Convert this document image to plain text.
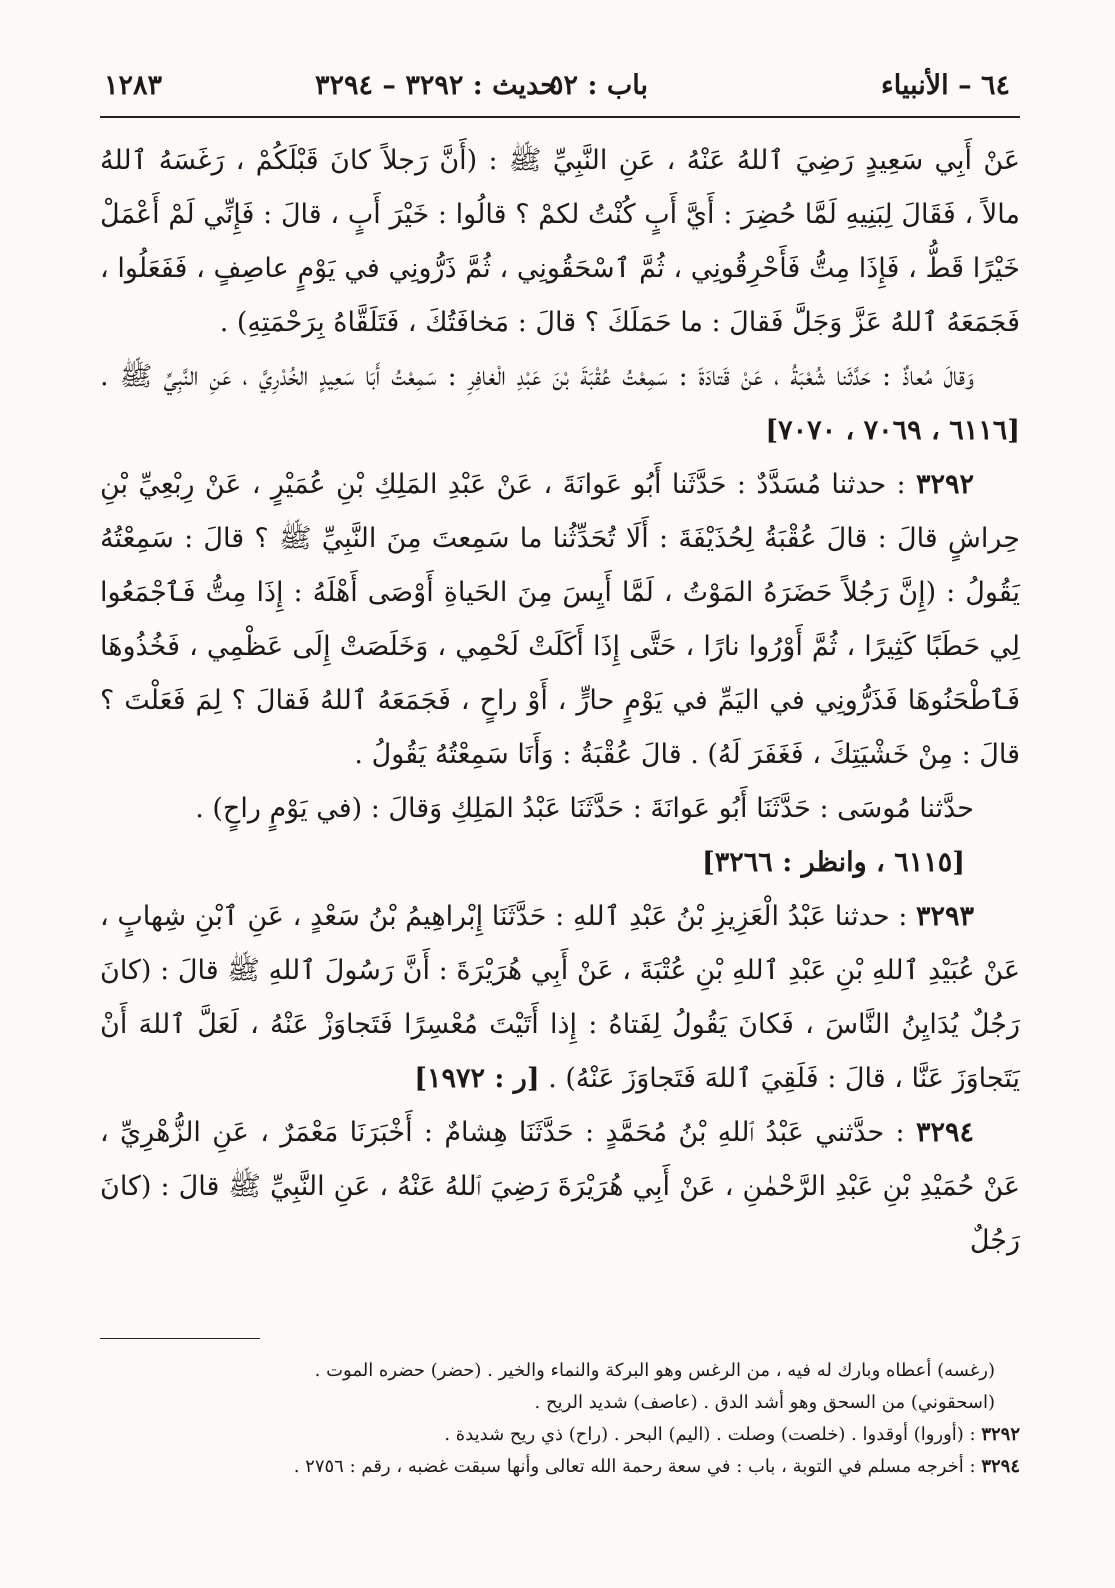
٦٤ – الأنبياء
باب : ٥٢
حديث : ٣٢٩٢ – ٣٢٩٤
١٢٨٣

عَنْ أَبِي سَعِيدٍ رَضِيَ ٱللهُ عَنْهُ ، عَنِ النَّبِيِّ ﷺ : (أَنَّ رَجلاً كانَ قَبْلَكُمْ ، رَغَسَهُ ٱللهُ مالاً ، فَقَالَ لِبَنِيهِ لَمَّا حُضِرَ : أَيَّ أَبٍ كُنْتُ لكمْ ؟ قالُوا : خَيْرَ أَبٍ ، قالَ : فَإِنِّي لَمْ أَعْمَلْ خَيْرًا قَطُّ ، فَإِذَا مِتُّ فَأَحْرِقُونِي ، ثُمَّ ٱسْحَقُونِي ، ثُمَّ ذَرُّونِي في يَوْمٍ عاصِفٍ ، فَفَعَلُوا ، فَجَمَعَهُ ٱللهُ عَزَّ وَجَلَّ فَقالَ : ما حَمَلَكَ ؟ قالَ : مَخافَتُكَ ، فَتَلَقَّاهُ بِرَحْمَتِهِ) .

وَقالَ مُعاذٌ : حَدَّثَنا شُعْبَةُ ، عَنْ قَتادَةَ : سَمِعْتُ عُقْبَةَ بْنَ عَبْدِ الْغافِرِ : سَمِعْتُ أَبَا سَعِيدٍ الخُدْرِيَّ ، عَنِ النَّبِيِّ ﷺ . [٦١١٦ ، ٧٠٦٩ ، ٧٠٧٠]

٣٢٩٢ : حدثنا مُسَدَّدٌ : حَدَّثَنا أَبُو عَوانَةَ ، عَنْ عَبْدِ المَلِكِ بْنِ عُمَيْرٍ ، عَنْ رِبْعِيِّ بْنِ حِراشٍ قالَ : قالَ عُقْبَةُ لِحُذَيْفَةَ : أَلَا تُحَدِّثُنا ما سَمِعتَ مِنَ النَّبِيِّ ﷺ ؟ قالَ : سَمِعْتُهُ يَقُولُ : (إِنَّ رَجُلاً حَضَرَهُ المَوْتُ ، لَمَّا أَيِسَ مِنَ الحَياةِ أَوْصَى أَهْلَهُ : إِذَا مِتُّ فَٱجْمَعُوا لِي حَطَبًا كَثِيرًا ، ثُمَّ أَوْرُوا نارًا ، حَتَّى إِذَا أَكَلَتْ لَحْمِي ، وَخَلَصَتْ إِلَى عَظْمِي ، فَخُذُوهَا فَٱطْحَنُوهَا فَذَرُّونِي في اليَمِّ في يَوْمٍ حارٍّ ، أَوْ راحٍ ، فَجَمَعَهُ ٱللهُ فَقالَ ؟ لِمَ فَعَلْتَ ؟ قالَ : مِنْ خَشْيَتِكَ ، فَغَفَرَ لَهُ) . قالَ عُقْبَةُ : وَأَنَا سَمِعْتُهُ يَقُولُ .

حدَّثنا مُوسَى : حَدَّثَنَا أَبُو عَوانَةَ : حَدَّثَنَا عَبْدُ المَلِكِ وَقالَ : (في يَوْمٍ راحٍ) .

[٦١١٥ ، وانظر : ٣٢٦٦]

٣٢٩٣ : حدثنا عَبْدُ الْعَزِيزِ بْنُ عَبْدِ ٱللهِ : حَدَّثَنَا إِبْراهِيمُ بْنُ سَعْدٍ ، عَنِ ٱبْنِ شِهابٍ ، عَنْ عُبَيْدِ ٱللهِ بْنِ عَبْدِ ٱللهِ بْنِ عُتْبَةَ ، عَنْ أَبِي هُرَيْرَةَ : أَنَّ رَسُولَ ٱللهِ ﷺ قالَ : (كانَ رَجُلٌ يُدَايِنُ النَّاسَ ، فَكانَ يَقُولُ لِفَتاهُ : إِذا أَتَيْتَ مُعْسِرًا فَتَجاوَزْ عَنْهُ ، لَعَلَّ ٱللهَ أَنْ يَتَجاوَزَ عَنَّا ، قالَ : فَلَقِيَ ٱللهَ فَتَجاوَزَ عَنْهُ) . [ر : ١٩٧٢]

٣٢٩٤ : حدَّثني عَبْدُ ٱللهِ بْنُ مُحَمَّدٍ : حَدَّثَنَا هِشامٌ : أَخْبَرَنَا مَعْمَرٌ ، عَنِ الزُّهْرِيِّ ، عَنْ حُمَيْدِ بْنِ عَبْدِ الرَّحْمٰنِ ، عَنْ أَبِي هُرَيْرَةَ رَضِيَ ٱللهُ عَنْهُ ، عَنِ النَّبِيِّ ﷺ قالَ : (كانَ رَجُلٌ

(رغسه) أعطاه وبارك له فيه ، من الرغس وهو البركة والنماء والخير . (حضر) حضره الموت .

(اسحقوني) من السحق وهو أشد الدق . (عاصف) شديد الريح .

٣٢٩٢ : (أوروا) أوقدوا . (خلصت) وصلت . (اليم) البحر . (راح) ذي ريح شديدة .

٣٢٩٤ : أخرجه مسلم في التوبة ، باب : في سعة رحمة الله تعالى وأنها سبقت غضبه ، رقم : ٢٧٥٦ .
